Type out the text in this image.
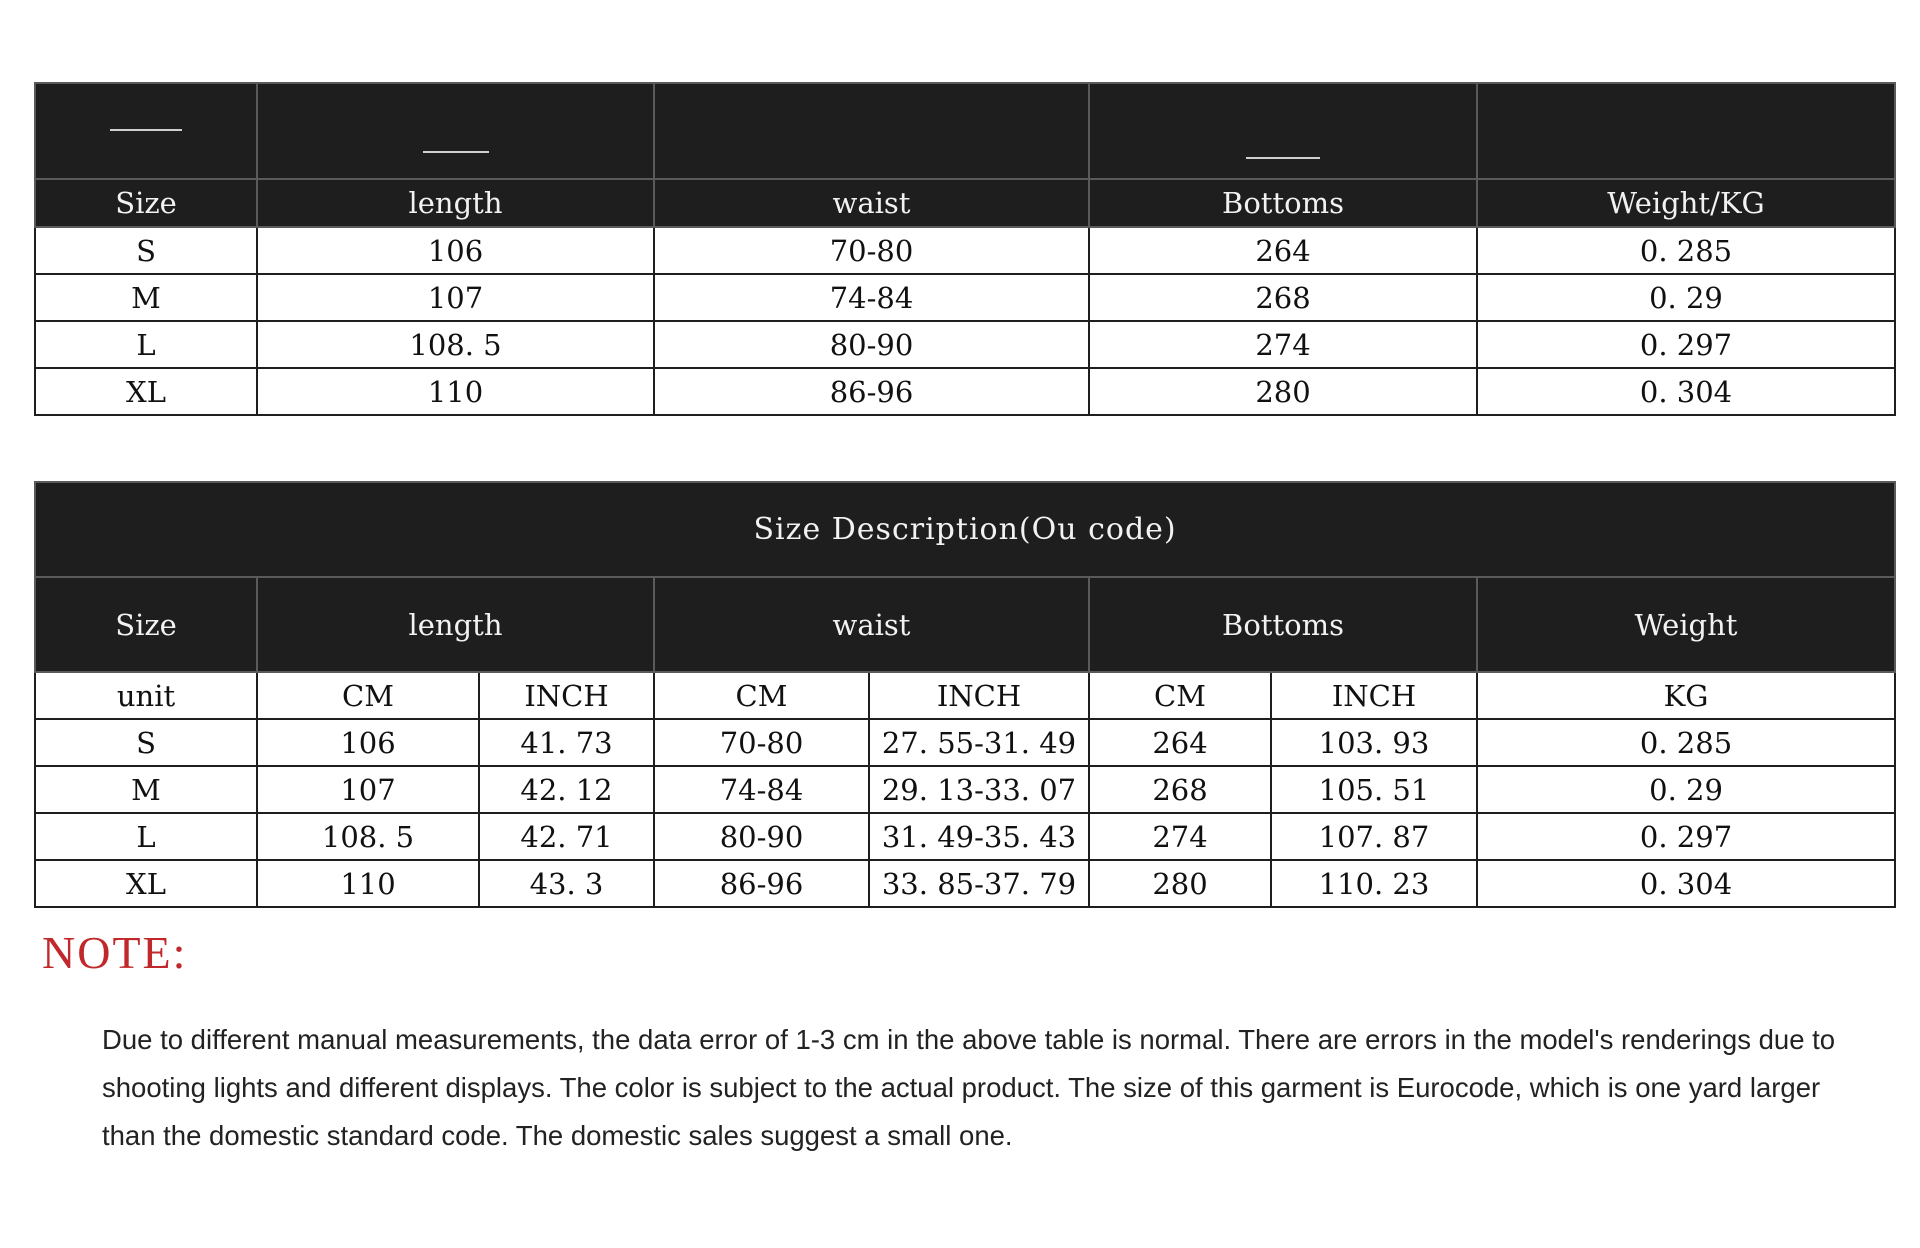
Size	length	waist	Bottoms	Weight/KG
S	106	70-80	264	0. 285
M	107	74-84	268	0. 29
L	108. 5	80-90	274	0. 297
XL	110	86-96	280	0. 304
Size Description(Ou code)							
Size	length		waist		Bottoms		Weight
unit	CM	INCH	CM	INCH	CM	INCH	KG
S	106	41. 73	70-80	27. 55-31. 49	264	103. 93	0. 285
M	107	42. 12	74-84	29. 13-33. 07	268	105. 51	0. 29
L	108. 5	42. 71	80-90	31. 49-35. 43	274	107. 87	0. 297
XL	110	43. 3	86-96	33. 85-37. 79	280	110. 23	0. 304
NOTE:
Due to different manual measurements, the data error of 1-3 cm in the above table is normal. There are errors in the model's renderings due to shooting lights and different displays. The color is subject to the actual product. The size of this garment is Eurocode, which is one yard larger than the domestic standard code. The domestic sales suggest a small one.
